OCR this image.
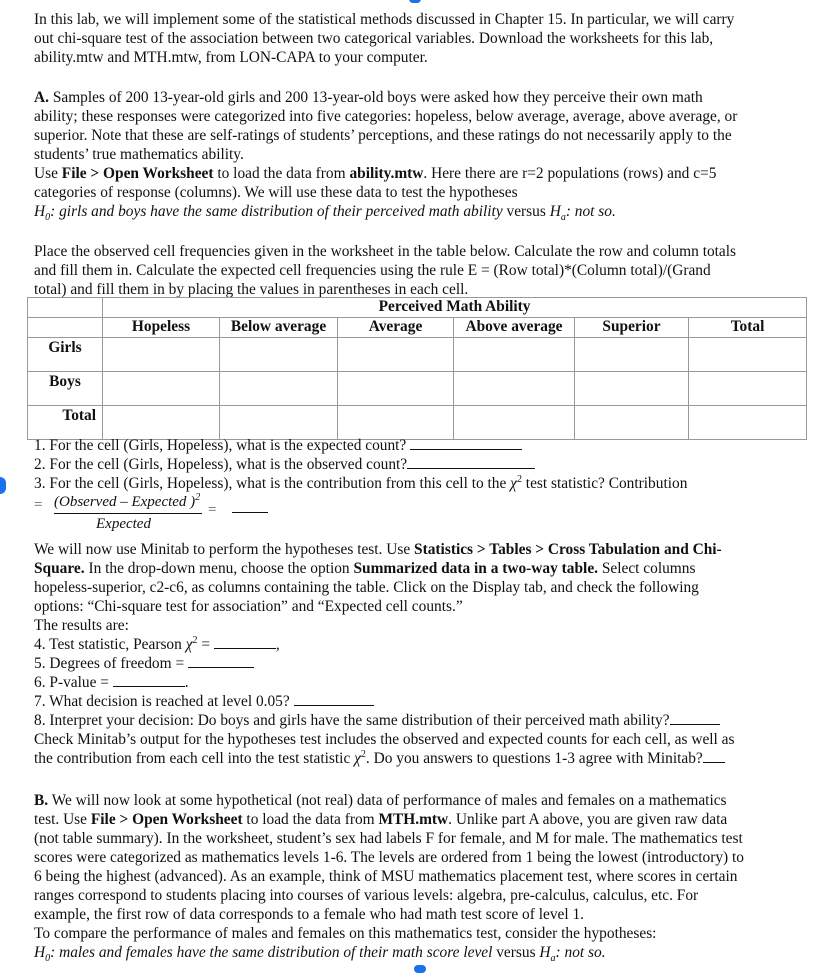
In this lab, we will implement some of the statistical methods discussed in Chapter 15. In particular, we will carry

out chi-square test of the association between two categorical variables. Download the worksheets for this lab,

ability.mtw and MTH.mtw, from LON-CAPA to your computer.

A. Samples of 200 13-year-old girls and 200 13-year-old boys were asked how they perceive their own math

ability; these responses were categorized into five categories: hopeless, below average, average, above average, or

superior. Note that these are self-ratings of students’ perceptions, and these ratings do not necessarily apply to the

students’ true mathematics ability.

Use File > Open Worksheet to load the data from ability.mtw. Here there are r=2 populations (rows) and c=5

categories of response (columns). We will use these data to test the hypotheses

$H_0$: girls and boys have the same distribution of their perceived math ability versus $H_a$: not so.

Place the observed cell frequencies given in the worksheet in the table below. Calculate the row and column totals

and fill them in. Calculate the expected cell frequencies using the rule E = (Row total)*(Column total)/(Grand

total) and fill them in by placing the values in parentheses in each cell.

	Perceived Math Ability					
	Hopeless	Below average	Average	Above average	Superior	Total
Girls						
Boys						
Total						

1. For the cell (Girls, Hopeless), what is the expected count?

2. For the cell (Girls, Hopeless), what is the observed count?

3. For the cell (Girls, Hopeless), what is the contribution from this cell to the $\chi^2$ test statistic? Contribution

= (Observed – Expected )$^2$
Expected
=

We will now use Minitab to perform the hypotheses test. Use Statistics > Tables > Cross Tabulation and Chi-

Square. In the drop-down menu, choose the option Summarized data in a two-way table. Select columns

hopeless-superior, c2-c6, as columns containing the table. Click on the Display tab, and check the following

options: “Chi-square test for association” and “Expected cell counts.”

The results are:

4. Test statistic, Pearson $\chi^2$ =	,

5. Degrees of freedom =

6. P-value =	.

7. What decision is reached at level 0.05?

8. Interpret your decision: Do boys and girls have the same distribution of their perceived math ability?

Check Minitab’s output for the hypotheses test includes the observed and expected counts for each cell, as well as

the contribution from each cell into the test statistic $\chi^2$. Do you answers to questions 1-3 agree with Minitab?

B. We will now look at some hypothetical (not real) data of performance of males and females on a mathematics

test. Use File > Open Worksheet to load the data from MTH.mtw. Unlike part A above, you are given raw data

(not table summary). In the worksheet, student’s sex had labels F for female, and M for male. The mathematics test

scores were categorized as mathematics levels 1-6. The levels are ordered from 1 being the lowest (introductory) to

6 being the highest (advanced). As an example, think of MSU mathematics placement test, where scores in certain

ranges correspond to students placing into courses of various levels: algebra, pre-calculus, calculus, etc. For

example, the first row of data corresponds to a female who had math test score of level 1.

To compare the performance of males and females on this mathematics test, consider the hypotheses:

$H_0$: males and females have the same distribution of their math score level versus $H_a$: not so.
